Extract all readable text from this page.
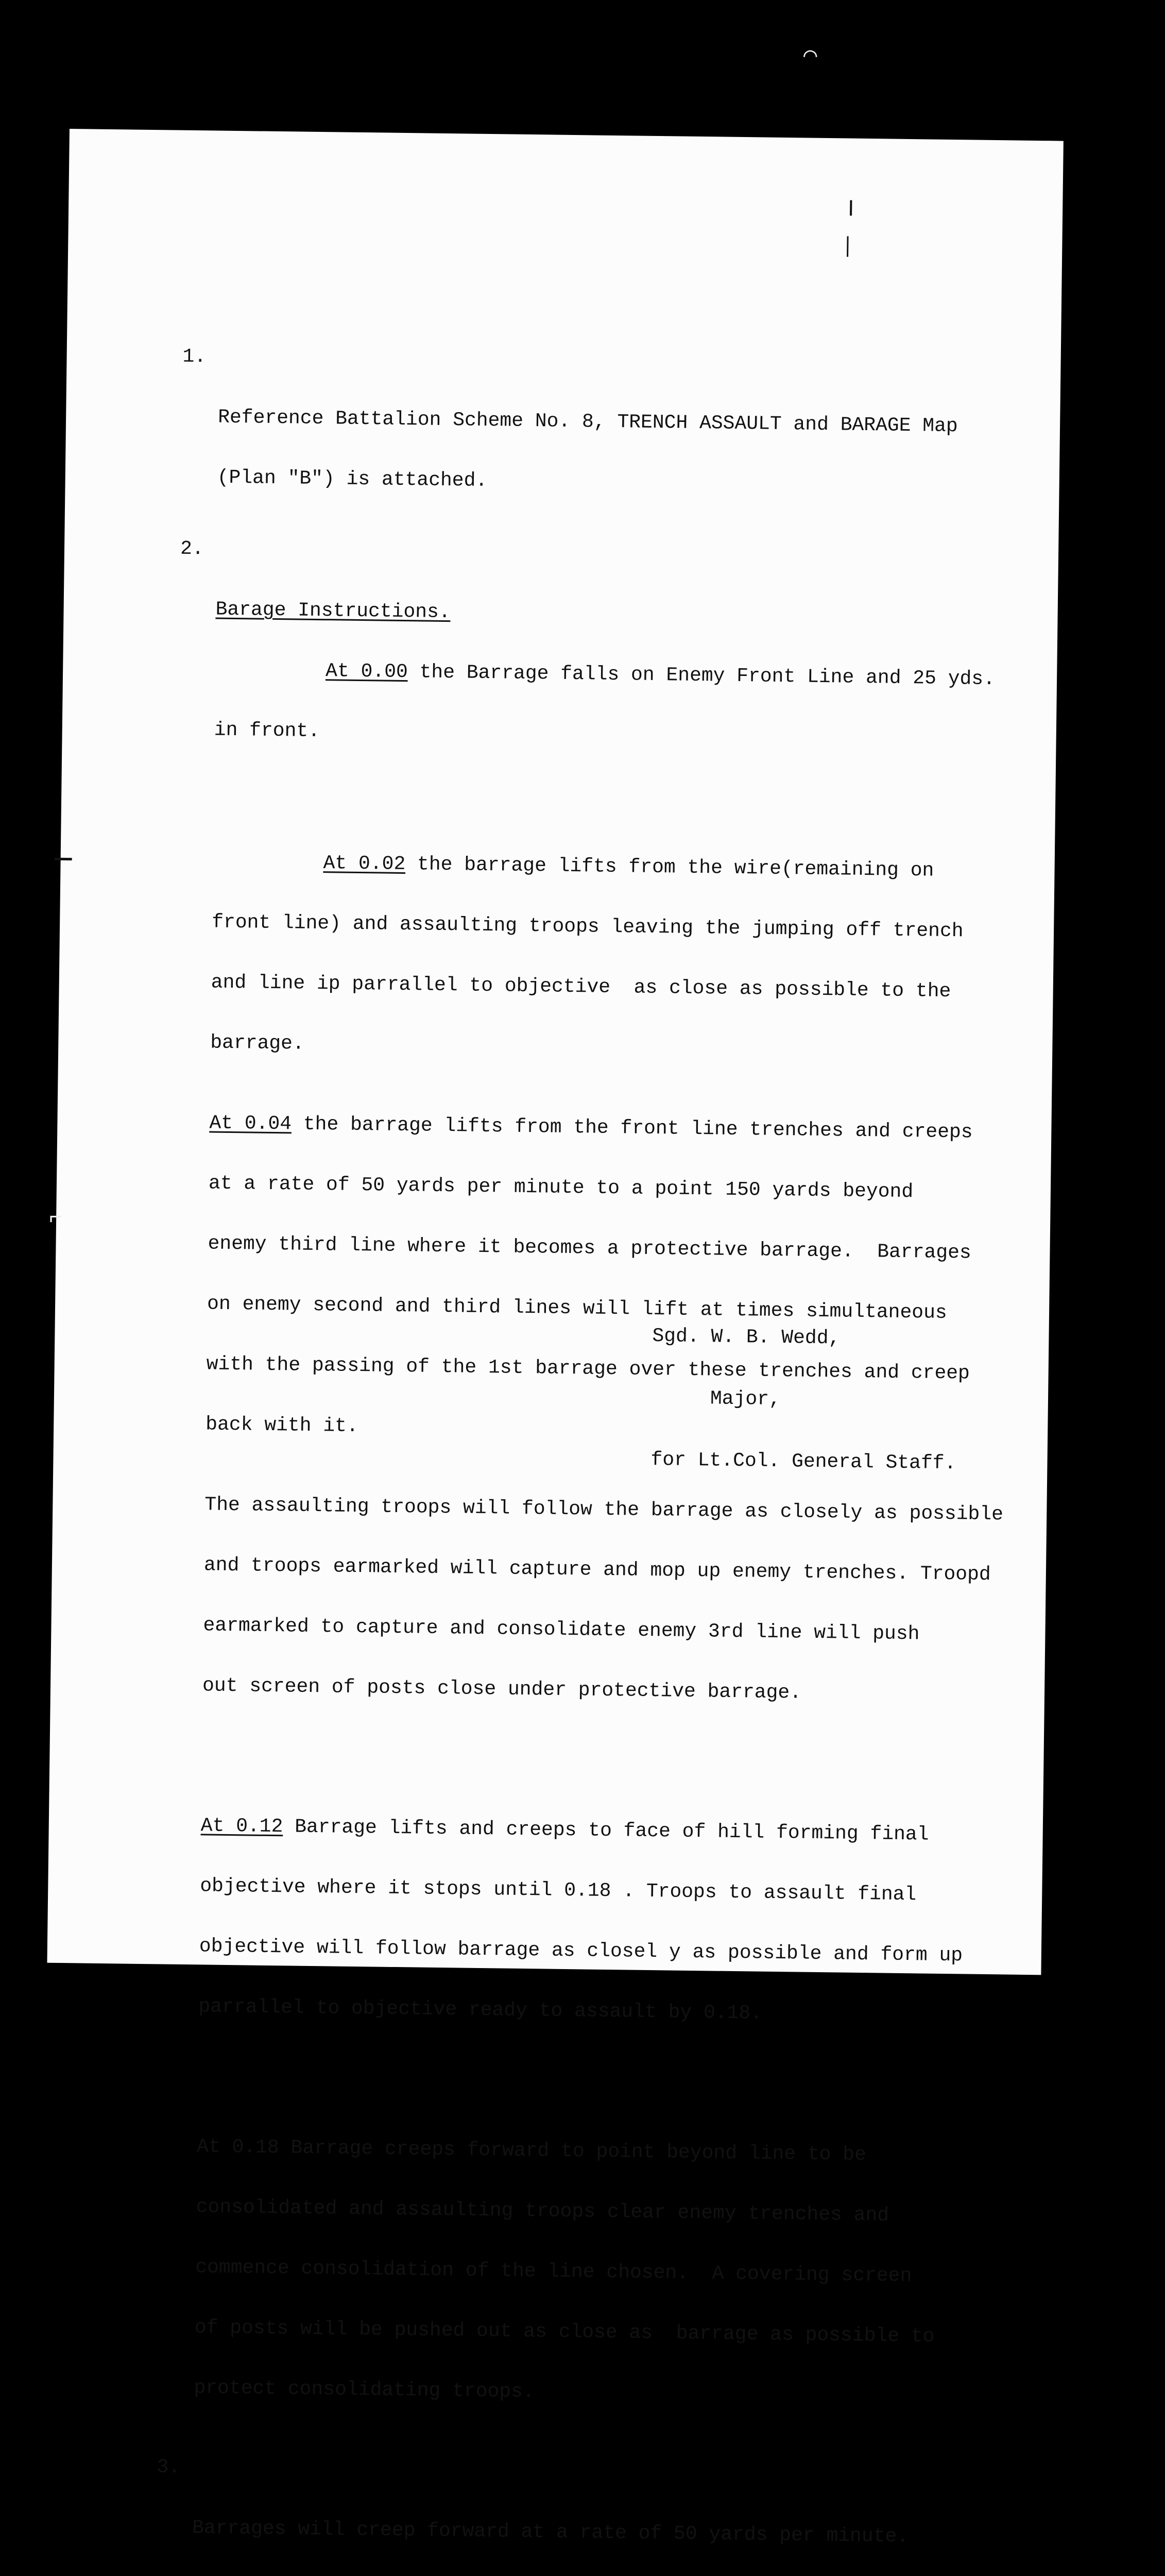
1.

Reference Battalion Scheme No. 8, TRENCH ASSAULT and BARAGE Map

(Plan "B") is attached.

2.

Barage Instructions.

At 0.00 the Barrage falls on Enemy Front Line and 25 yds.

in front.

At 0.02 the barrage lifts from the wire(remaining on

front line) and assaulting troops leaving the jumping off trench

and line ip parrallel to objective  as close as possible to the

barrage.

At 0.04 the barrage lifts from the front line trenches and creeps

at a rate of 50 yards per minute to a point 150 yards beyond

enemy third line where it becomes a protective barrage.  Barrages

on enemy second and third lines will lift at times simultaneous

with the passing of the 1st barrage over these trenches and creep

back with it.

The assaulting troops will follow the barrage as closely as possible

and troops earmarked will capture and mop up enemy trenches. Troopd

earmarked to capture and consolidate enemy 3rd line will push

out screen of posts close under protective barrage.

At 0.12 Barrage lifts and creeps to face of hill forming final

objective where it stops until 0.18 . Troops to assault final

objective will follow barrage as closel y as possible and form up

parrallel to objective ready to assault by 0.18.

At 0.18 Barrage creeps forward to point beyond line to be

consolidated and assaulting troops clear enemy trenches and

commence consolidation of the line chosen.  A covering screen

of posts will be pushed out as close as  barrage as possible to

protect consolidating troops.

3.

Barrages will creep forward at a rate of 50 yards per minute.

Sgd. W. B. Wedd,

Major,

for Lt.Col. General Staff.

⌒
⌐
